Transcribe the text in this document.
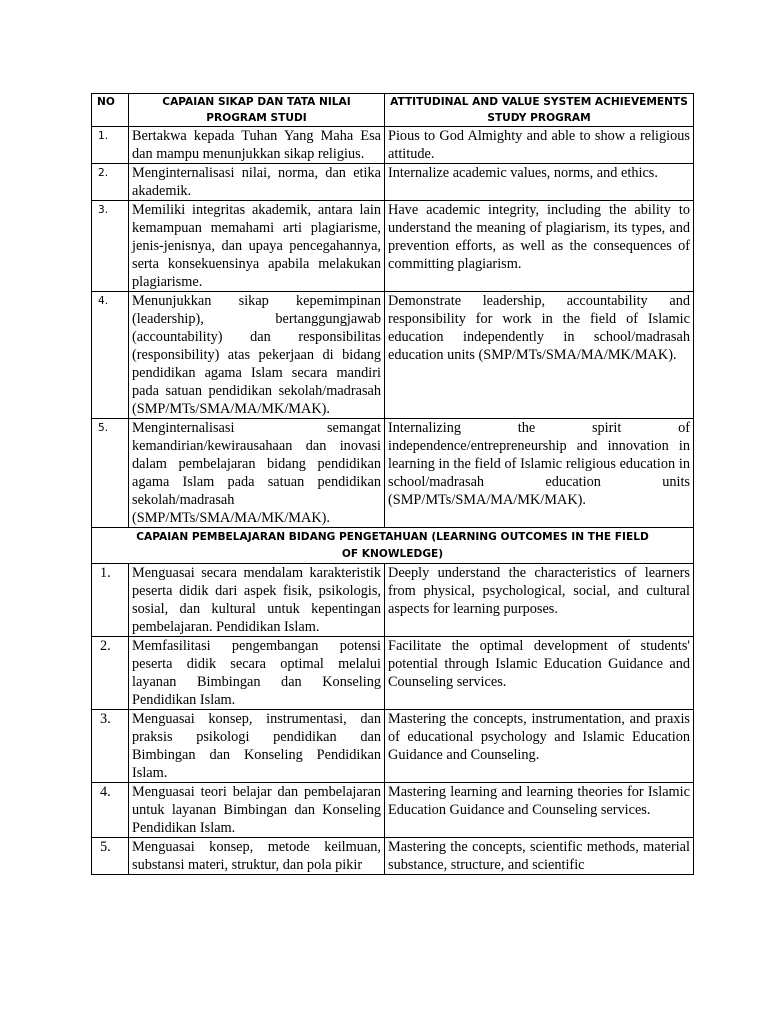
NO	CAPAIAN SIKAP DAN TATA NILAI PROGRAM STUDI	ATTITUDINAL AND VALUE SYSTEM ACHIEVEMENTS STUDY PROGRAM
1.	Bertakwa kepada Tuhan Yang Maha Esa dan mampu menunjukkan sikap religius.	Pious to God Almighty and able to show a religious attitude.
2.	Menginternalisasi nilai, norma, dan etika akademik.	Internalize academic values, norms, and ethics.
3.	Memiliki integritas akademik, antara lain kemampuan memahami arti plagiarisme, jenis-jenisnya, dan upaya pencegahannya, serta konsekuensinya apabila melakukan plagiarisme.	Have academic integrity, including the ability to understand the meaning of plagiarism, its types, and prevention efforts, as well as the consequences of committing plagiarism.
4.	Menunjukkan sikap kepemimpinan (leadership), bertanggungjawab (accountability) dan responsibilitas (responsibility) atas pekerjaan di bidang pendidikan agama Islam secara mandiri pada satuan pendidikan sekolah/madrasah (SMP/MTs/SMA/MA/MK/MAK).	Demonstrate leadership, accountability and responsibility for work in the field of Islamic education independently in school/madrasah education units (SMP/MTs/SMA/MA/MK/MAK).
5.	Menginternalisasi semangat kemandirian/kewirausahaan dan inovasi dalam pembelajaran bidang pendidikan agama Islam pada satuan pendidikan sekolah/madrasah (SMP/MTs/SMA/MA/MK/MAK).	Internalizing the spirit of independence/entrepreneurship and innovation in learning in the field of Islamic religious education in school/madrasah education units (SMP/MTs/SMA/MA/MK/MAK).
CAPAIAN PEMBELAJARAN BIDANG PENGETAHUAN (LEARNING OUTCOMES IN THE FIELD OF KNOWLEDGE)		
1.	Menguasai secara mendalam karakteristik peserta didik dari aspek fisik, psikologis, sosial, dan kultural untuk kepentingan pembelajaran. Pendidikan Islam.	Deeply understand the characteristics of learners from physical, psychological, social, and cultural aspects for learning purposes.
2.	Memfasilitasi pengembangan potensi peserta didik secara optimal melalui layanan Bimbingan dan Konseling Pendidikan Islam.	Facilitate the optimal development of students' potential through Islamic Education Guidance and Counseling services.
3.	Menguasai konsep, instrumentasi, dan praksis psikologi pendidikan dan Bimbingan dan Konseling Pendidikan Islam.	Mastering the concepts, instrumentation, and praxis of educational psychology and Islamic Education Guidance and Counseling.
4.	Menguasai teori belajar dan pembelajaran untuk layanan Bimbingan dan Konseling Pendidikan Islam.	Mastering learning and learning theories for Islamic Education Guidance and Counseling services.
5.	Menguasai konsep, metode keilmuan, substansi materi, struktur, dan pola pikir	Mastering the concepts, scientific methods, material substance, structure, and scientific
